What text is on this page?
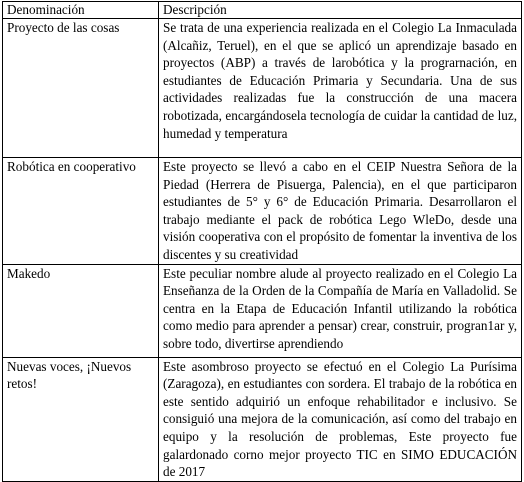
Denominación	Descripción
Proyecto de las cosas	Se trata de una experiencia realizada en el Colegio La Inmaculada (Alcañiz, Teruel), en el que se aplicó un aprendizaje basado en proyectos (ABP) a través de larobótica y la prograrnación, en estudiantes de Educación Primaria y Secundaria. Una de sus actividades realizadas fue la construcción de una macera robotizada, encargándosela tecnología de cuidar la cantidad de luz, humedad y temperatura
Robótica en cooperativo	Este proyecto se llevó a cabo en el CEIP Nuestra Señora de la Piedad (Herrera de Pisuerga, Palencia), en el que participaron estudiantes de 5° y 6° de Educación Primaria. Desarrollaron el trabajo mediante el pack de robótica Lego WleDo, desde una visión cooperativa con el propósito de fomentar la inventiva de los discentes y su creatividad
Makedo	Este peculiar nombre alude al proyecto realizado en el Colegio La Enseñanza de la Orden de la Compañía de María en Valladolid. Se centra en la Etapa de Educación Infantil utilizando la robótica como medio para aprender a pensar) crear, construir, progran1ar y, sobre todo, divertirse aprendiendo
Nuevas voces, ¡Nuevos retos!	Este asombroso proyecto se efectuó en el Colegio La Purísima (Zaragoza), en estudiantes con sordera. El trabajo de la robótica en este sentido adquirió un enfoque rehabilitador e inclusivo. Se consiguió una mejora de la comunicación, así como del trabajo en equipo y la resolución de problemas, Este proyecto fue galardonado corno mejor proyecto TIC en SIMO EDUCACIÓN de 2017
